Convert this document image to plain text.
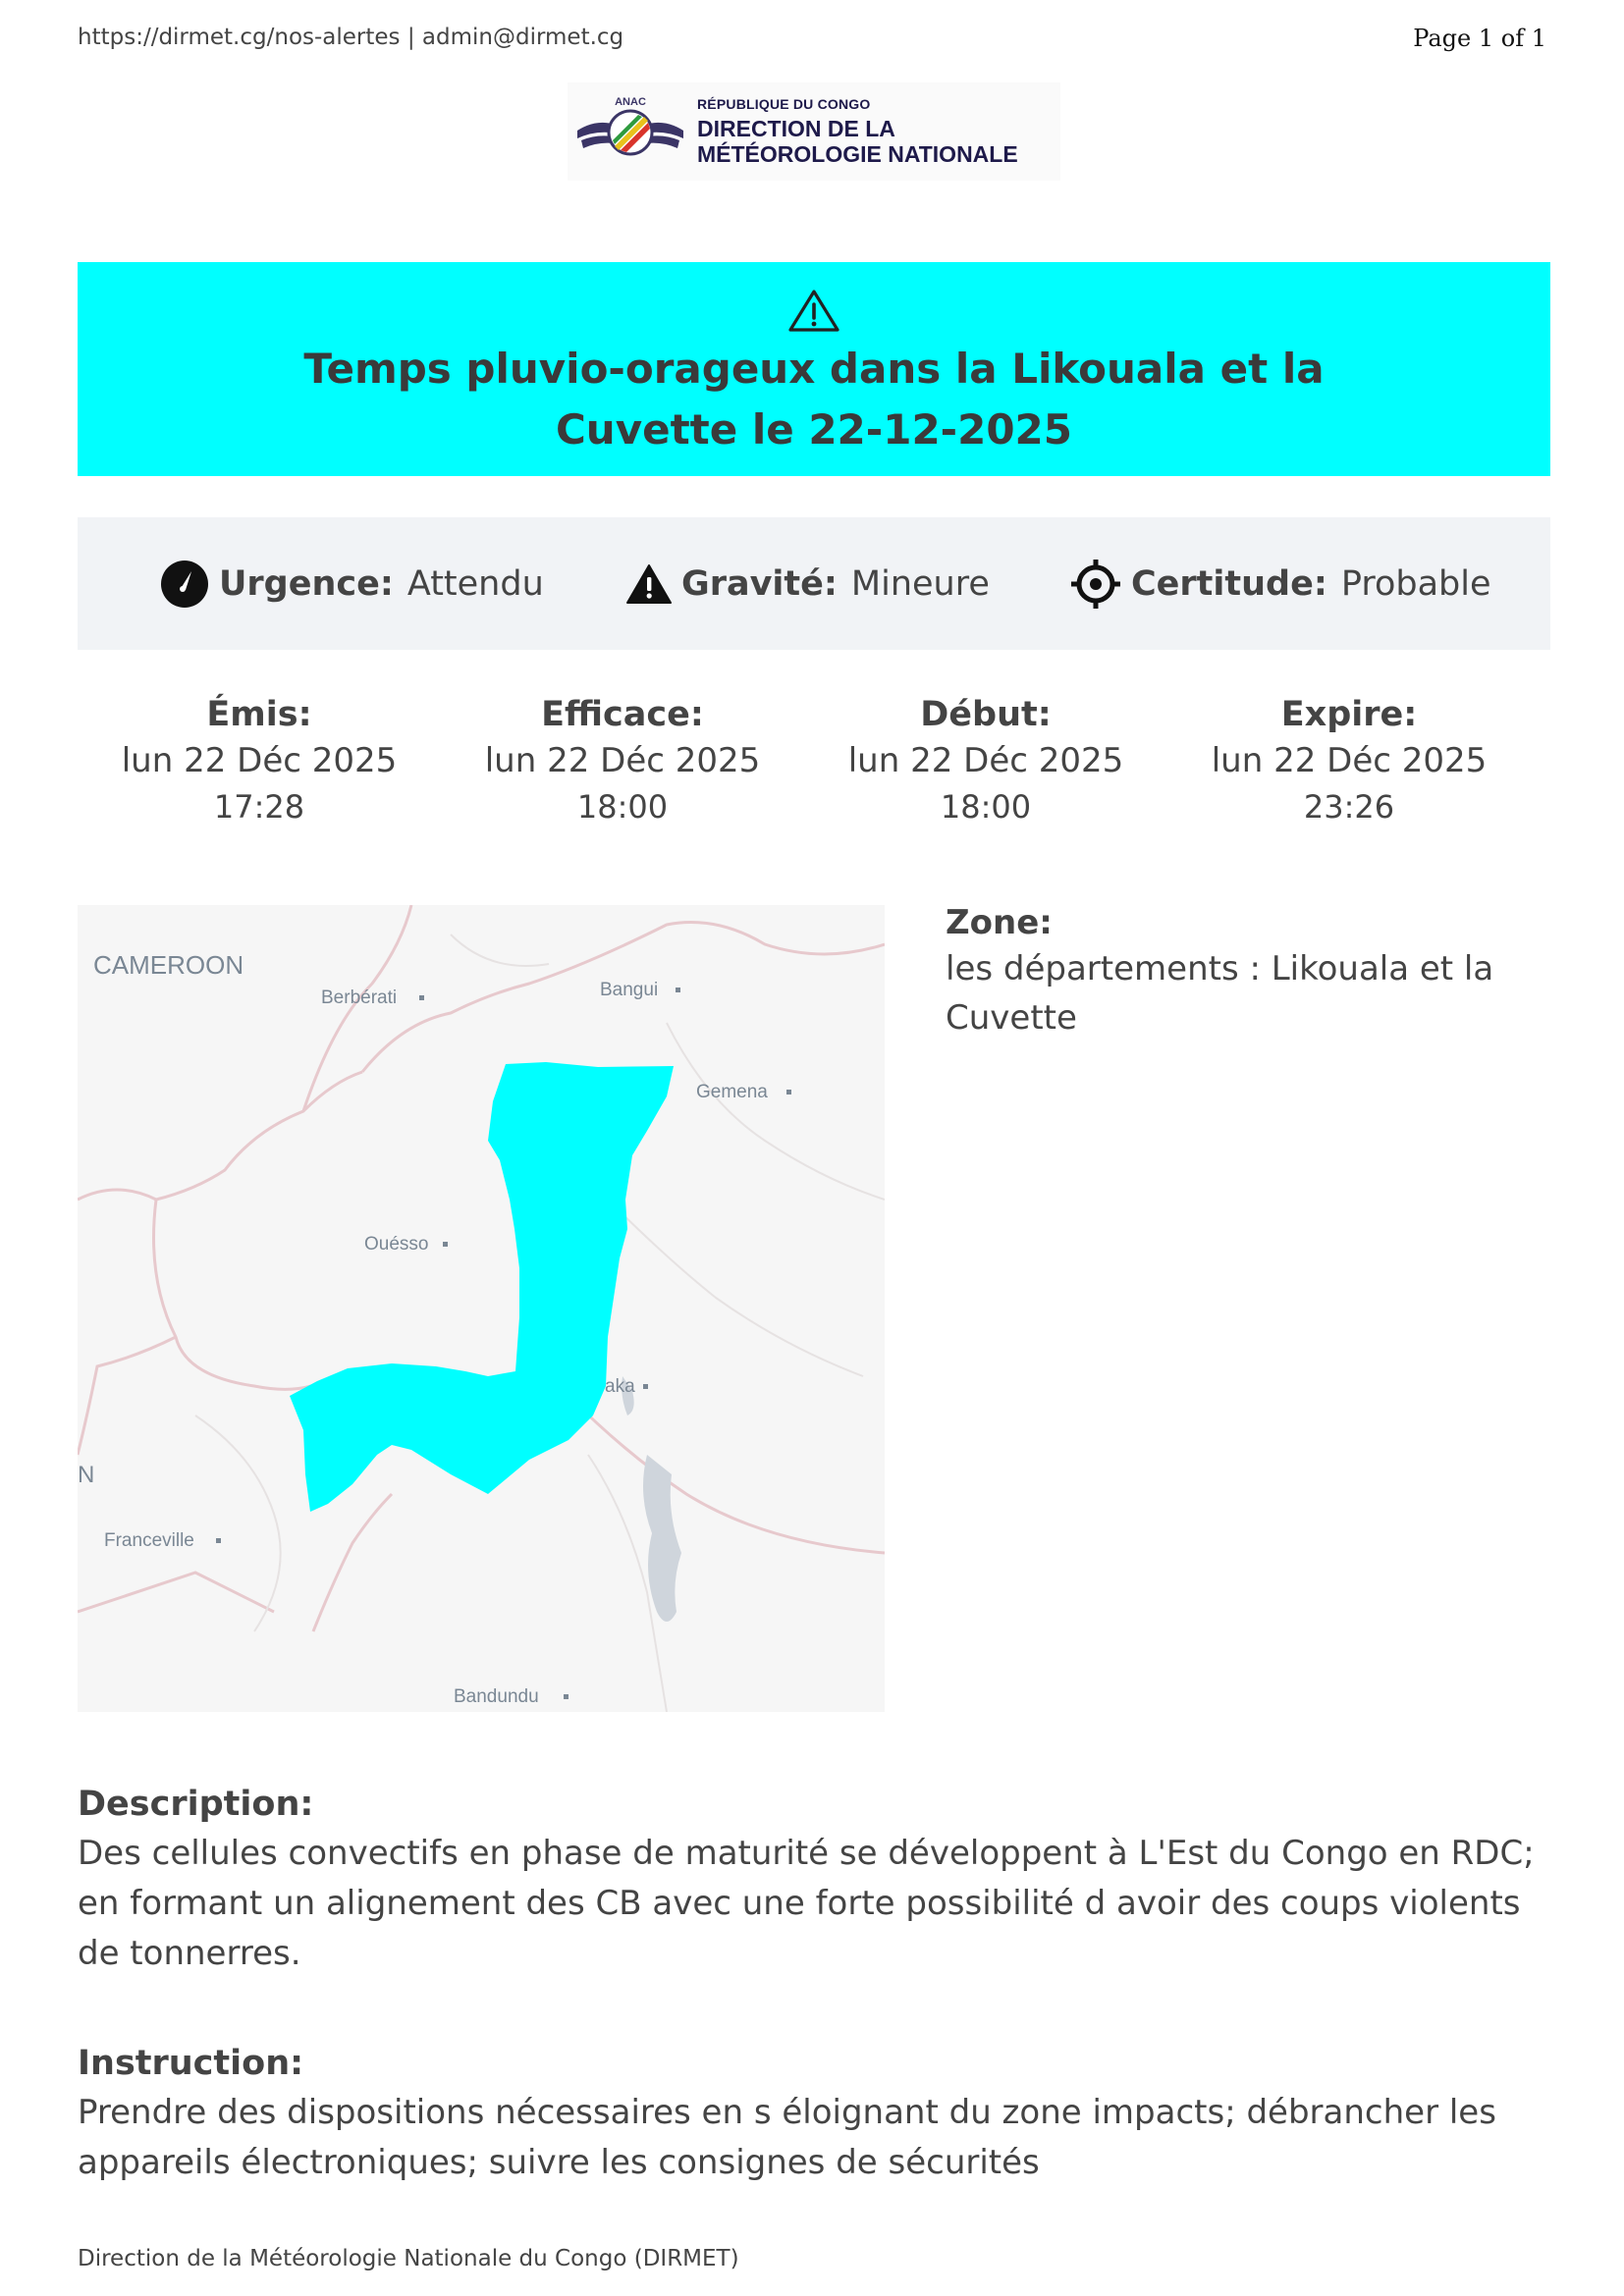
https://dirmet.cg/nos-alertes | admin@dirmet.cg	Page 1 of 1
ANAC	RÉPUBLIQUE DU CONGO
DIRECTION DE LA
MÉTÉOROLOGIE NATIONALE
Temps pluvio-orageux dans la Likouala et la Cuvette le 22-12-2025
Urgence: Attendu	Gravité: Mineure	Certitude: Probable
Émis:
lun 22 Déc 2025
17:28
Efficace:
lun 22 Déc 2025
18:00
Début:
lun 22 Déc 2025
18:00
Expire:
lun 22 Déc 2025
23:26
CAMEROON
Berbérati	Bangui
Gemena
Ouésso
aka
N
Franceville
Bandundu
Zone:
les départements : Likouala et la Cuvette
Description:
Des cellules convectifs en phase de maturité se développent à L'Est du Congo en RDC; en formant un alignement des CB avec une forte possibilité d avoir des coups violents de tonnerres.
Instruction:
Prendre des dispositions nécessaires en s éloignant du zone impacts; débrancher les appareils électroniques; suivre les consignes de sécurités
Direction de la Météorologie Nationale du Congo (DIRMET)
